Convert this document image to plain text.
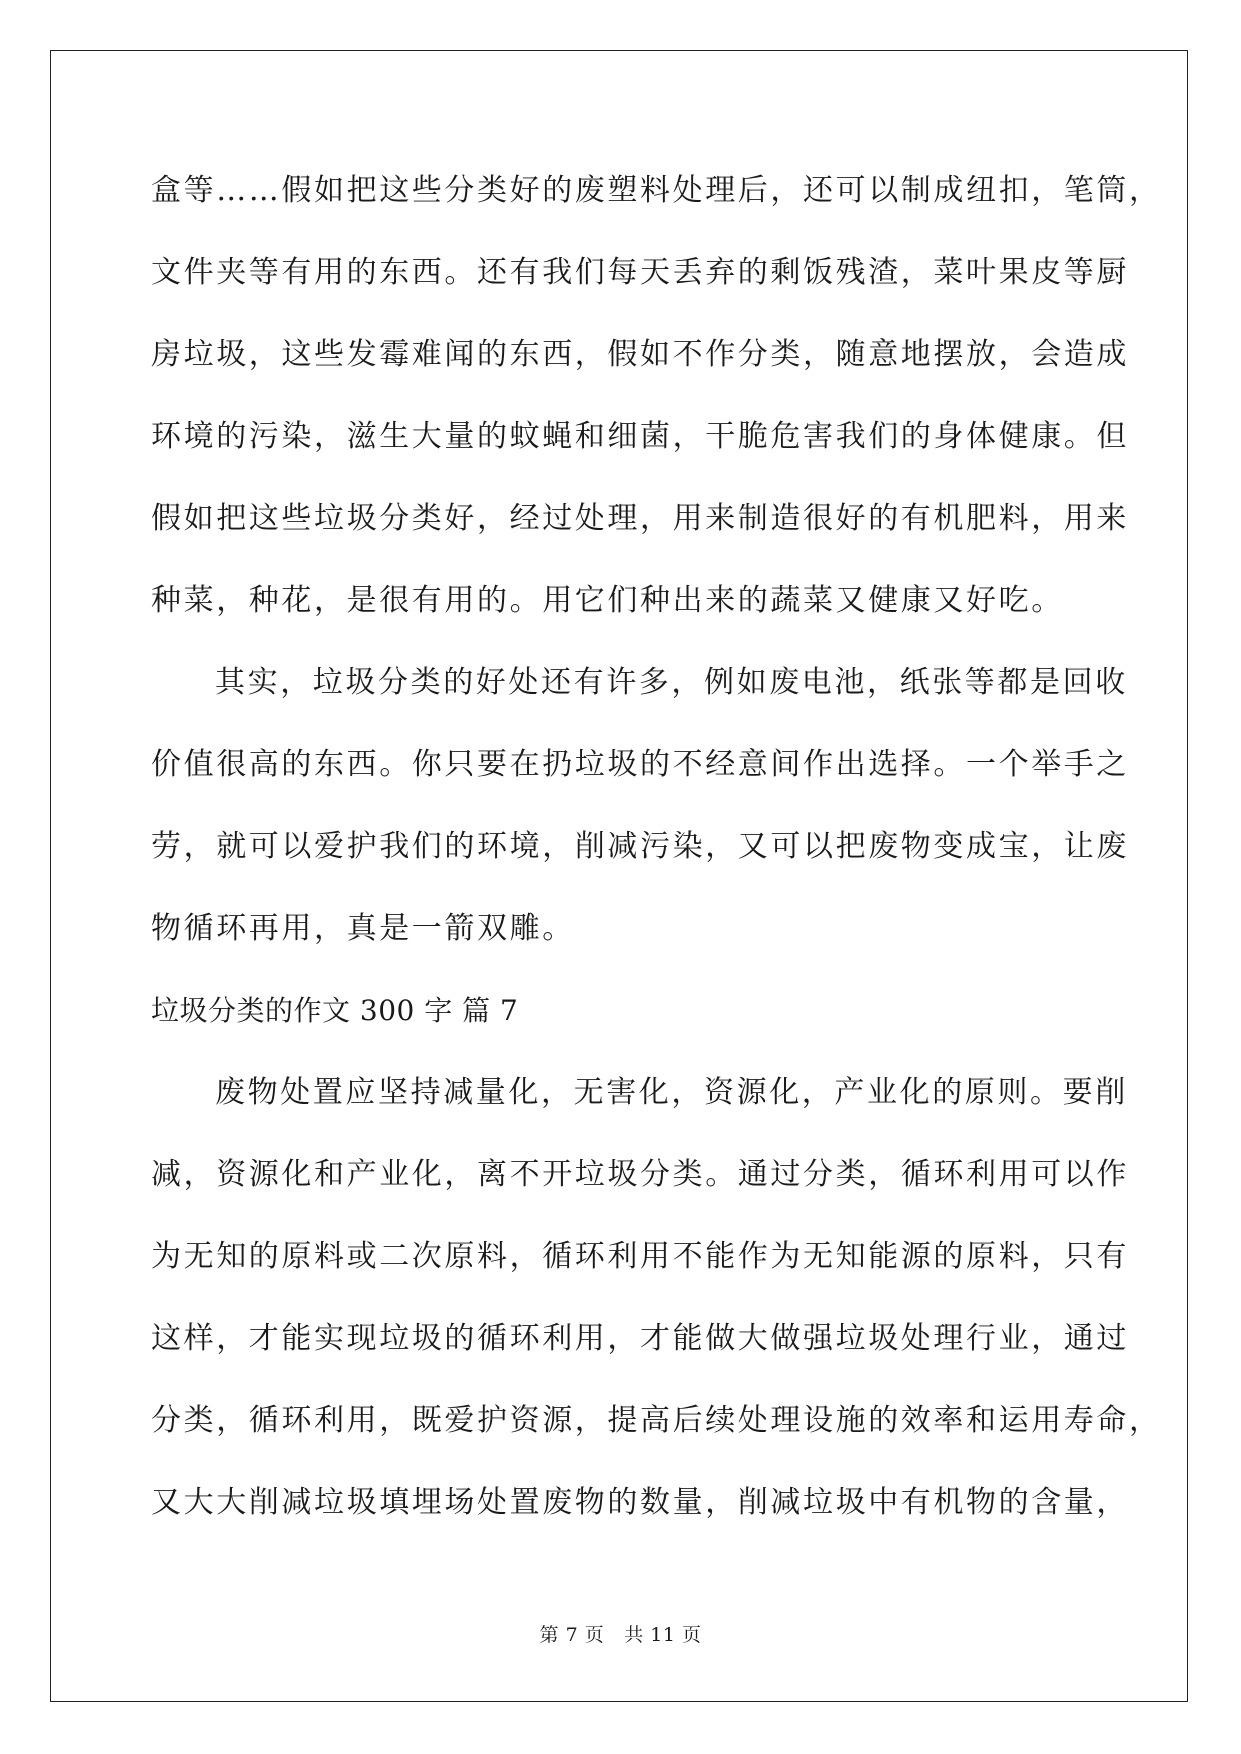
盒等……假如把这些分类好的废塑料处理后，还可以制成纽扣，笔筒，
文件夹等有用的东西。还有我们每天丢弃的剩饭残渣，菜叶果皮等厨
房垃圾，这些发霉难闻的东西，假如不作分类，随意地摆放，会造成
环境的污染，滋生大量的蚊蝇和细菌，干脆危害我们的身体健康。但
假如把这些垃圾分类好，经过处理，用来制造很好的有机肥料，用来
种菜，种花，是很有用的。用它们种出来的蔬菜又健康又好吃。
其实，垃圾分类的好处还有许多，例如废电池，纸张等都是回收
价值很高的东西。你只要在扔垃圾的不经意间作出选择。一个举手之
劳，就可以爱护我们的环境，削减污染，又可以把废物变成宝，让废
物循环再用，真是一箭双雕。
垃圾分类的作文 300 字 篇 7
废物处置应坚持减量化，无害化，资源化，产业化的原则。要削
减，资源化和产业化，离不开垃圾分类。通过分类，循环利用可以作
为无知的原料或二次原料，循环利用不能作为无知能源的原料，只有
这样，才能实现垃圾的循环利用，才能做大做强垃圾处理行业，通过
分类，循环利用，既爱护资源，提高后续处理设施的效率和运用寿命，
又大大削减垃圾填埋场处置废物的数量，削减垃圾中有机物的含量，
第 7 页 共 11 页
